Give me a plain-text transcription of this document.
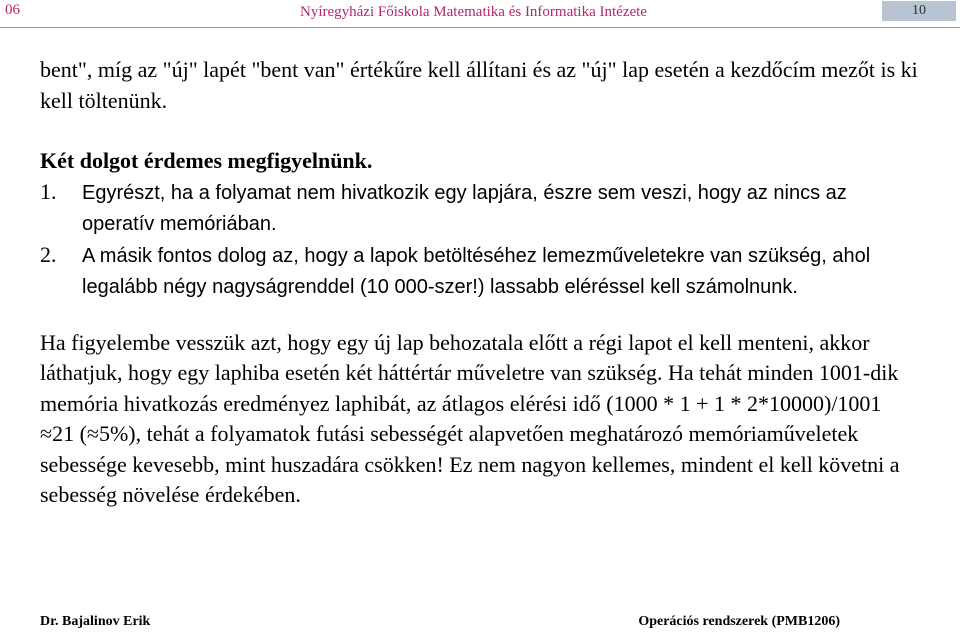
06	Nyíregyházi Főiskola Matematika és Informatika Intézete	10

bent", míg az "új" lapét "bent van" értékűre kell állítani és az "új" lap esetén a kezdőcím mezőt is ki kell töltenünk.

Két dolgot érdemes megfigyelnünk.

1. Egyrészt, ha a folyamat nem hivatkozik egy lapjára, észre sem veszi, hogy az nincs az operatív memóriában.
2. A másik fontos dolog az, hogy a lapok betöltéséhez lemezműveletekre van szükség, ahol legalább négy nagyságrenddel (10 000-szer!) lassabb eléréssel kell számolnunk.

Ha figyelembe vesszük azt, hogy egy új lap behozatala előtt a régi lapot el kell menteni, akkor láthatjuk, hogy egy laphiba esetén két háttértár műveletre van szükség. Ha tehát minden 1001-dik memória hivatkozás eredményez laphibát, az átlagos elérési idő (1000 * 1 + 1 * 2*10000)/1001 ≈21 (≈5%), tehát a folyamatok futási sebességét alapvetően meghatározó memóriaműveletek sebessége kevesebb, mint huszadára csökken! Ez nem nagyon kellemes, mindent el kell követni a sebesség növelése érdekében.

Dr. Bajalinov Erik	Operációs rendszerek (PMB1206)
